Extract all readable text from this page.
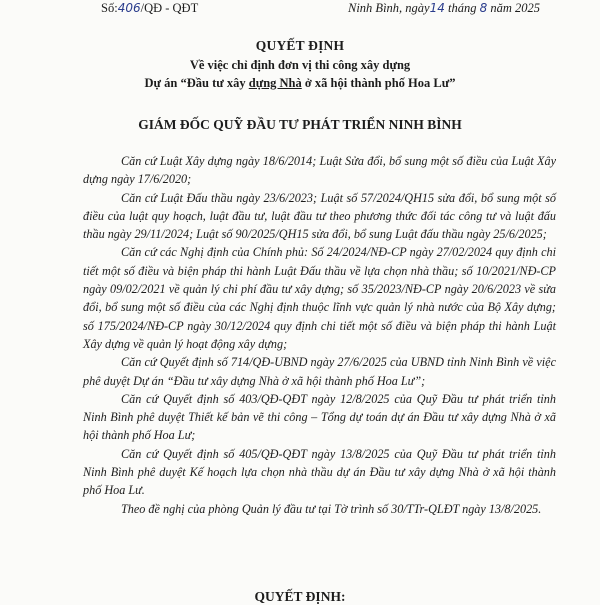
Số:406/QĐ - QĐT	Ninh Bình, ngày14 tháng 8 năm 2025
QUYẾT ĐỊNH
Về việc chỉ định đơn vị thi công xây dựng
Dự án “Đầu tư xây dựng Nhà ở xã hội thành phố Hoa Lư”
GIÁM ĐỐC QUỸ ĐẦU TƯ PHÁT TRIỂN NINH BÌNH

Căn cứ Luật Xây dựng ngày 18/6/2014; Luật Sửa đổi, bổ sung một số điều của Luật Xây dựng ngày 17/6/2020;

Căn cứ Luật Đấu thầu ngày 23/6/2023; Luật số 57/2024/QH15 sửa đổi, bổ sung một số điều của luật quy hoạch, luật đầu tư, luật đầu tư theo phương thức đối tác công tư và luật đấu thầu ngày 29/11/2024; Luật số 90/2025/QH15 sửa đổi, bổ sung Luật đấu thầu ngày 25/6/2025;

Căn cứ các Nghị định của Chính phủ: Số 24/2024/NĐ-CP ngày 27/02/2024 quy định chi tiết một số điều và biện pháp thi hành Luật Đấu thầu về lựa chọn nhà thầu; số 10/2021/NĐ-CP ngày 09/02/2021 về quản lý chi phí đầu tư xây dựng; số 35/2023/NĐ-CP ngày 20/6/2023 về sửa đổi, bổ sung một số điều của các Nghị định thuộc lĩnh vực quản lý nhà nước của Bộ Xây dựng; số 175/2024/NĐ-CP ngày 30/12/2024 quy định chi tiết một số điều và biện pháp thi hành Luật Xây dựng về quản lý hoạt động xây dựng;

Căn cứ Quyết định số 714/QĐ-UBND ngày 27/6/2025 của UBND tỉnh Ninh Bình về việc phê duyệt Dự án “Đầu tư xây dựng Nhà ở xã hội thành phố Hoa Lư”;

Căn cứ Quyết định số 403/QĐ-QĐT ngày 12/8/2025 của Quỹ Đầu tư phát triển tỉnh Ninh Bình phê duyệt Thiết kế bản vẽ thi công – Tổng dự toán dự án Đầu tư xây dựng Nhà ở xã hội thành phố Hoa Lư;

Căn cứ Quyết định số 405/QĐ-QĐT ngày 13/8/2025 của Quỹ Đầu tư phát triển tỉnh Ninh Bình phê duyệt Kế hoạch lựa chọn nhà thầu dự án Đầu tư xây dựng Nhà ở xã hội thành phố Hoa Lư.

Theo đề nghị của phòng Quản lý đầu tư tại Tờ trình số 30/TTr-QLĐT ngày 13/8/2025.

QUYẾT ĐỊNH:
